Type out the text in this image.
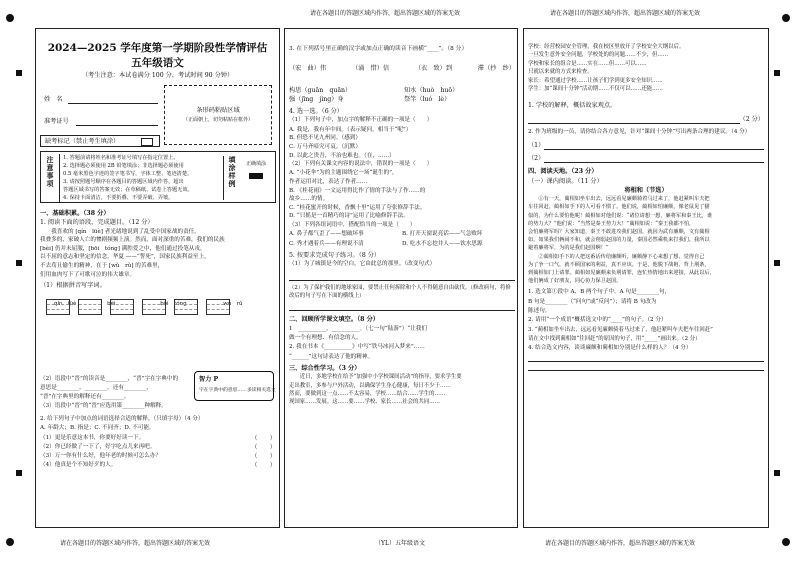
请在各题目的答题区域内作答，超出答题区域的答案无效	请在各题目的答题区域内作答，超出答题区域的答案无效
请在各题目的答题区域内作答，超出答题区域的答案无效	（YL）五年级语文	请在各题目的答题区域内作答，超出答题区域的答案无效
2024—2025 学年度第一学期阶段性学情评估
五年级语文
（考生注意：本试卷满分 100 分，考试时间 90 分钟）
姓　名
准考证号
条形码粘贴区域
（正面朝上，切勿粘贴在框外）
缺考标记（禁止考生填涂）
注意事项 1. 答题前请将姓名和准考证号填写在指定位置上。
2. 选择题必须使用 2B 铅笔填涂；非选择题必须使用
0.5 毫米黑色字迹的签字笔书写，字体工整、笔迹清楚。
3. 请按照题号顺序在各题目的答题区域内作答，超出
答题区域书写的答案无效；在草稿纸、试卷上答题无效。
4. 保持卡面清洁，不要折叠、不要弄破、弄皱。
填涂样例	正确填涂
一、基础积累。（38 分）
1. 阅读下面的语段，完成题目。（12 分）
　　我喜欢的 [qín　lüè] 者光绪地说到了乱受中国家战的责任。
我叠多的、家破人亡的惨剧频频上演。然而，面对深重的苦难，我们的民族
[bèi] 仍并未屈服，[bōi　tóng] 满腔爱之中，他们通过投笔从戎，
以不屈的意志和坚定的信念，华夏 ——“誓死”，国家民族利益至上，
不去苟且偷生的精神，在于 [wǔ　rǔ] 的苦难里，
们用血肉写下了可歌可泣的伟大雄章。
（1）根据拼音写字词。
qín　lüè	bèi	bōi　tóng	wǔ　rǔ
（2）语段中“晋”的读音是________，“晋”字在字典中的
意思是________。________，还有________，
“晋”在字典里的解释还有________。
（3）语段中“晋”的“晋”应选用第________种解释。
智力 P
字在字典中的意思……多读相关选文
2. 给下列句子中加点的词语选择合适的解释。（只填字母）（4 分）
A. 年龄大；B. 指是；C. 不同齐；D. 不可能。
（1）更是乐意这本书，你要好好读一下。	（　　）
（2）你已经做了一下了，好字吃点儿来再吧。	（　　）
（3）万一你有什么好，他年老的时候可怎么办？	（　　）
（4）他真是个不知好歹的人。	（　　）
3. 在下列括号里正确的汉字或加点正确的读音下画横“____”。（8 分）
（宏　曲）伟	（涌　惜）信	（衣　致）到	滞（抄　纱）
构思（guān　quān）	知水（huò　huō）
强（jīng　jìng）身	祭竿（luó　lè）
4. 选一选。（6 分）
（1）下列句子中，加点字的解释不正确的一项是（　　）
A. 我是，我有年中间。（表示疑问，相当于“呢”）
B. 但恐不见九州同。（感到）
C. 万马齐喑究可哀。（沉默）
D. 以此之贵吾，不治也难也。（在，……）
（2）下列有关课文内容的说法中，错误的一项是（　　）
A. “小花伞”为的主题围绕它一场“诞生的”，
作者运用对比，表达了作者……
B. 《桂花雨》一文运用得比作了情的手法与了作……的
故乡……的情。
C. “桂花蜜开的时候，香飘十里”运用了夸张修辞手法。
D. “只摇是一首精巧的诗”运用了比喻修辞手法。
（3）下列各组词语中，搭配恰当的一项是（　　）
A. 鼻子都气歪了——想破坏事	B. 打开天窗说亮话——气急败坏
C. 秀才遇着兵——有理说不清	D. 吃水不忘挖井人——饮水思源
5. 按要求完成句子练习。（8 分）
（1）为了城镇是今的空白，它由此总的那里。（改变句式）
（2）为了保护我们的地球家园，要禁止任何拆除和个人不得随意自由砍伐。（修改病句，将修改后的句子写在下面的横线上）
二、回顾所学课文填空。（8 分）
1　__________，__________。（七一句“陆游”）“让我们
做一个有理想、有信念的人。
2. 我在书本《__________》中写“铁马冰河入梦来”……
“______”这句诗表达了他的精神。
三、综合性学习。（3 分）
　　近日，多地学校在给予“加强中小学校课间活动”的指导，要求学生要
走出教室，多参与户外活动，以确保学生身心健康，每日不少于……
然而，要做到这一点……不太容易，学校……结合……学生的……
现国家……发展。这……要……学校、家长……社会的共同……
学校：经营校园安全管理，我在校区里放开了学校安全大纲以后。
一旦发生意外安全问题，学校处的的问题……不少，但……
学校和家长的组合是……实在……但……可以……
只就以来就的方式来检查。
家长：希望通过学校……让孩子们学到更多安全知识……
学生：加“课间十分钟”活动期……不仅可以……还能……
1. 学校的解释，概括故家观点。
（2 分）
2. 作为班级的一员，请你结合各方意见，针对“课间十分钟”写出两条合理的建议。（4 分）
（1）
（2）
四、阅读天地。（23 分）
（一）课内阅读。（11 分）
将相和（节选）
　　①有一天，蔺相如坐车出去，远远看见廉颇骑着马过来了，他赶紧叫车夫把
车往回赶。蔺相如手下的人可看不惯了。他们说，蔺相如怕廉颇，像老鼠见了猫
似的，为什么要怕他呢！蔺相如对他们说：“诸位请想一想，廉将军和秦王比，谁
的势力大？”他们说：“当然是秦王势力大！”蔺相如说：“秦王我都不怕，
会怕廉将军吗？大家知道，秦王不敢进攻我们赵国，就因为武有廉颇，文有蔺相
如。如果我们俩闹不和，就会削弱赵国的力量，秦国必然乘机来打我们。我所以
避着廉将军，为的是我们赵国啊！”
　　②蔺相如手下的人把这番话传给廉颇听，廉颇静下心来想了想，觉得自己
为了争一口气，就不顾国家的利益，真不应该。于是，他脱下战袍，背上荆条，
到蔺相如门上请罪。蔺相如见廉颇来负荆请罪，连忙热情地出来迎接。从此以后，
他们俩成了好朋友，同心协力保卫赵国。
1. 选文第①段中 A、B 两个句子中，A 句是________句，
B 句是________（“问句”或“反问”）；请将 B 句改为
陈述句。
2. 请用“一个成语”概括选文中的“____”的句子。（2 分）
3. “蔺相如坐车出去，远远看见廉颇骑着马过来了，他赶紧叫车夫把车往回赶”
请在文中找到蔺相如“往回赶”的原因的句子，用“_____”画出来。（2 分）
4. 结合选文内容，谈谈廉颇和蔺相如分别是什么样的人？（4 分）
